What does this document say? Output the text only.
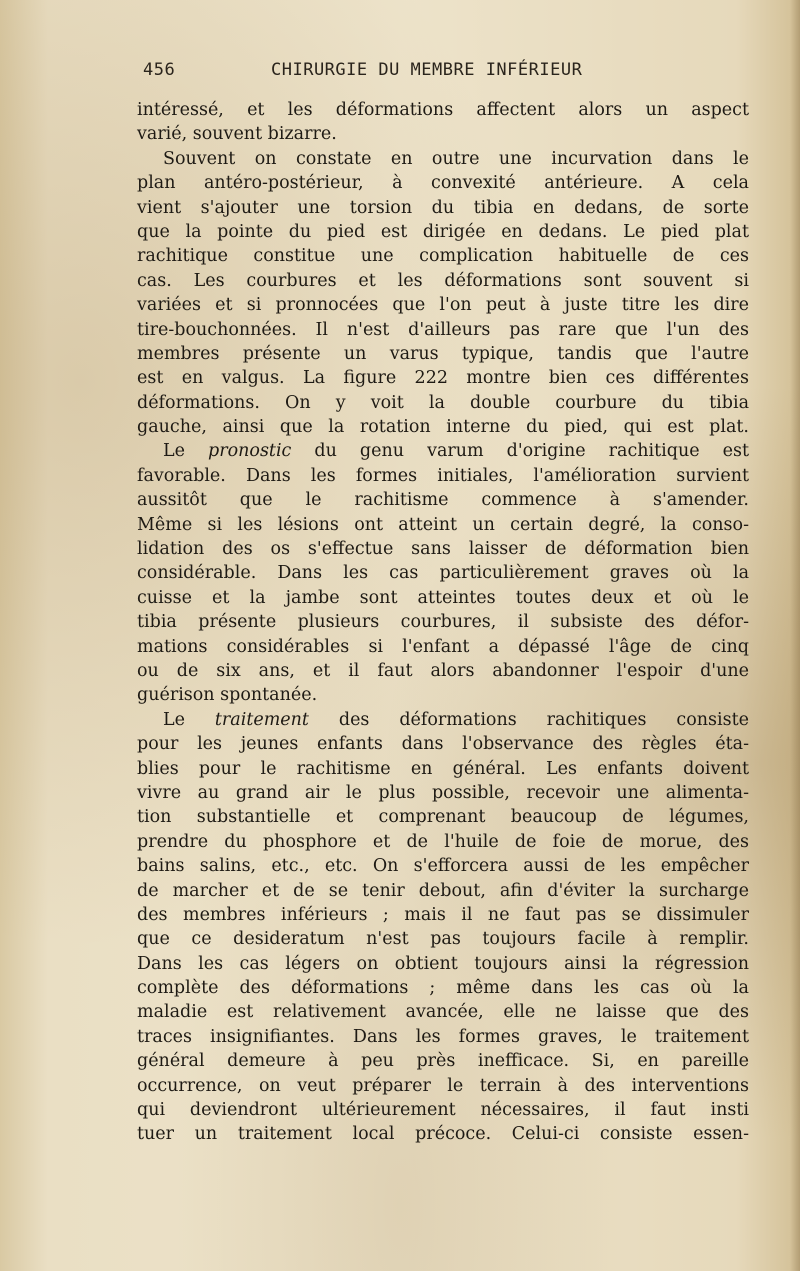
456	CHIRURGIE DU MEMBRE INFÉRIEUR
intéressé, et les déformations affectent alors un aspect
varié, souvent bizarre.
Souvent on constate en outre une incurvation dans le
plan antéro-postérieur, à convexité antérieure. A cela
vient s'ajouter une torsion du tibia en dedans, de sorte
que la pointe du pied est dirigée en dedans. Le pied plat
rachitique constitue une complication habituelle de ces
cas. Les courbures et les déformations sont souvent si
variées et si pronnocées que l'on peut à juste titre les dire
tire-bouchonnées. Il n'est d'ailleurs pas rare que l'un des
membres présente un varus typique, tandis que l'autre
est en valgus. La figure 222 montre bien ces différentes
déformations. On y voit la double courbure du tibia
gauche, ainsi que la rotation interne du pied, qui est plat.
Le pronostic du genu varum d'origine rachitique est
favorable. Dans les formes initiales, l'amélioration survient
aussitôt que le rachitisme commence à s'amender.
Même si les lésions ont atteint un certain degré, la conso-
lidation des os s'effectue sans laisser de déformation bien
considérable. Dans les cas particulièrement graves où la
cuisse et la jambe sont atteintes toutes deux et où le
tibia présente plusieurs courbures, il subsiste des défor-
mations considérables si l'enfant a dépassé l'âge de cinq
ou de six ans, et il faut alors abandonner l'espoir d'une
guérison spontanée.
Le traitement des déformations rachitiques consiste
pour les jeunes enfants dans l'observance des règles éta-
blies pour le rachitisme en général. Les enfants doivent
vivre au grand air le plus possible, recevoir une alimenta-
tion substantielle et comprenant beaucoup de légumes,
prendre du phosphore et de l'huile de foie de morue, des
bains salins, etc., etc. On s'efforcera aussi de les empêcher
de marcher et de se tenir debout, afin d'éviter la surcharge
des membres inférieurs ; mais il ne faut pas se dissimuler
que ce desideratum n'est pas toujours facile à remplir.
Dans les cas légers on obtient toujours ainsi la régression
complète des déformations ; même dans les cas où la
maladie est relativement avancée, elle ne laisse que des
traces insignifiantes. Dans les formes graves, le traitement
général demeure à peu près inefficace. Si, en pareille
occurrence, on veut préparer le terrain à des interventions
qui deviendront ultérieurement nécessaires, il faut insti
tuer un traitement local précoce. Celui-ci consiste essen-
